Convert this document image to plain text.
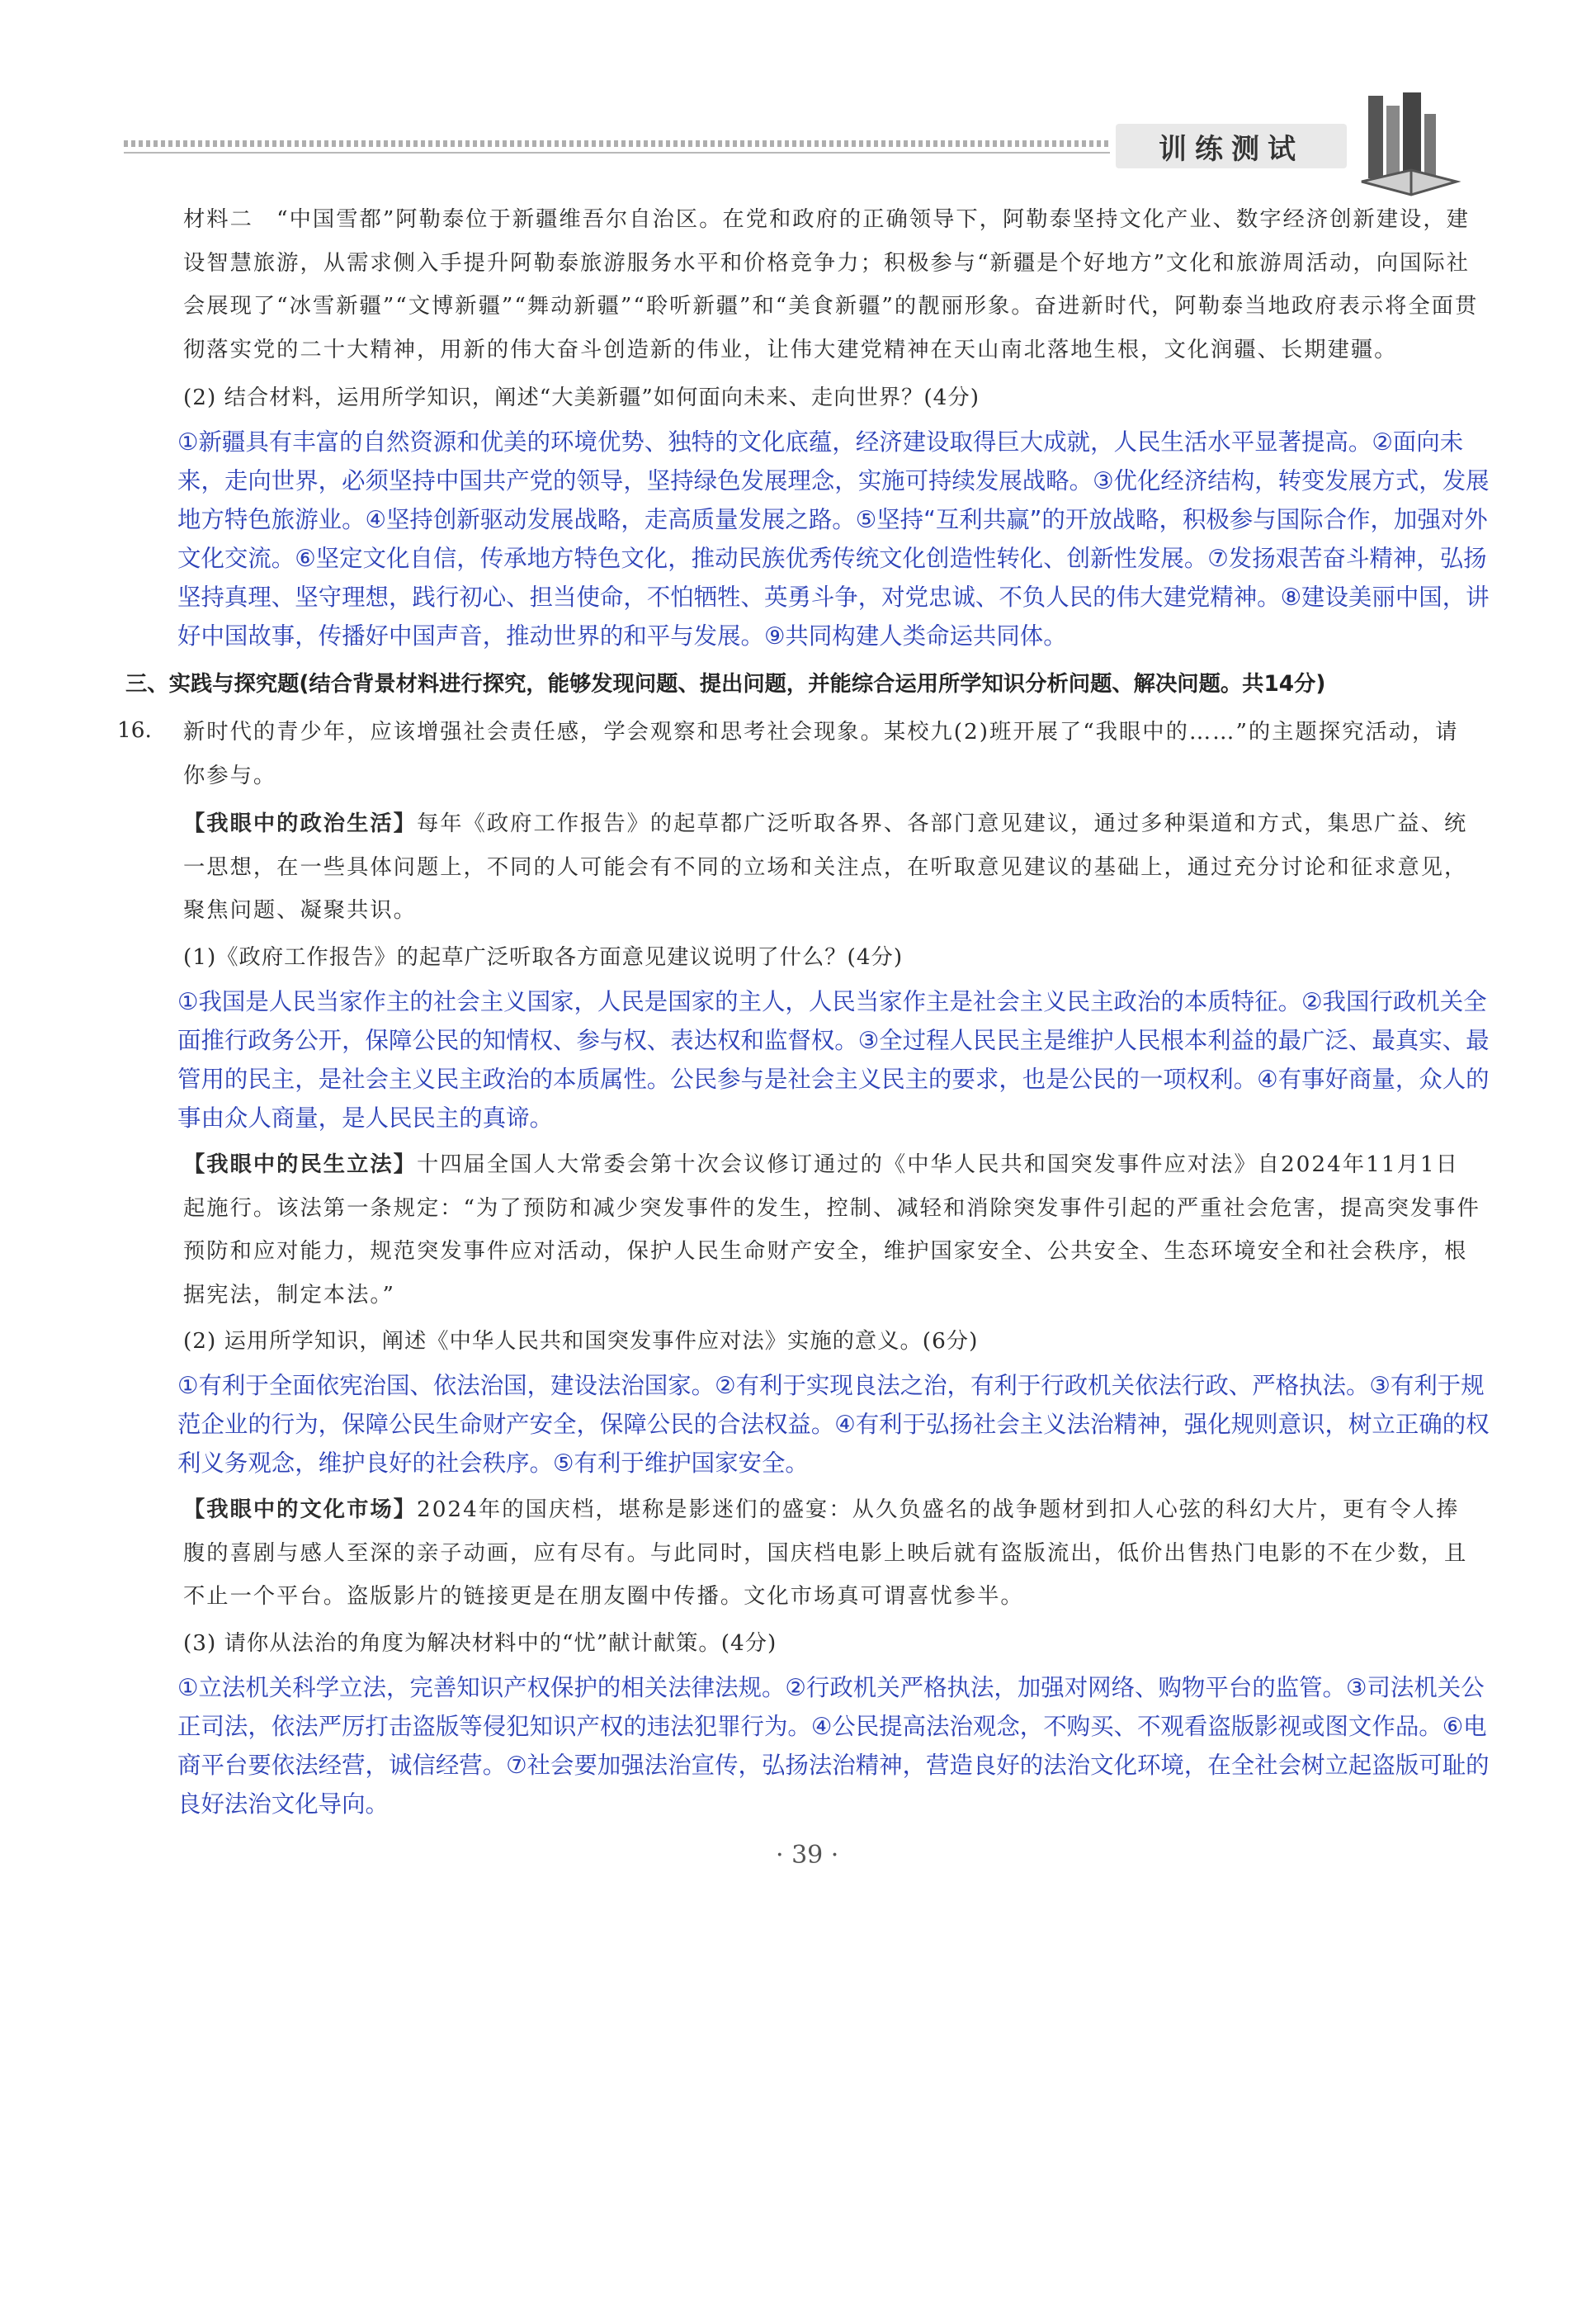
训练测试

材料二　“中国雪都”阿勒泰位于新疆维吾尔自治区。在党和政府的正确领导下，阿勒泰坚持文化产业、数字经济创新建设，建设智慧旅游，从需求侧入手提升阿勒泰旅游服务水平和价格竞争力；积极参与“新疆是个好地方”文化和旅游周活动，向国际社会展现了“冰雪新疆”“文博新疆”“舞动新疆”“聆听新疆”和“美食新疆”的靓丽形象。奋进新时代，阿勒泰当地政府表示将全面贯彻落实党的二十大精神，用新的伟大奋斗创造新的伟业，让伟大建党精神在天山南北落地生根，文化润疆、长期建疆。

(2) 结合材料，运用所学知识，阐述“大美新疆”如何面向未来、走向世界？(4分)

①新疆具有丰富的自然资源和优美的环境优势、独特的文化底蕴，经济建设取得巨大成就，人民生活水平显著提高。②面向未来，走向世界，必须坚持中国共产党的领导，坚持绿色发展理念，实施可持续发展战略。③优化经济结构，转变发展方式，发展地方特色旅游业。④坚持创新驱动发展战略，走高质量发展之路。⑤坚持“互利共赢”的开放战略，积极参与国际合作，加强对外文化交流。⑥坚定文化自信，传承地方特色文化，推动民族优秀传统文化创造性转化、创新性发展。⑦发扬艰苦奋斗精神，弘扬坚持真理、坚守理想，践行初心、担当使命，不怕牺牲、英勇斗争，对党忠诚、不负人民的伟大建党精神。⑧建设美丽中国，讲好中国故事，传播好中国声音，推动世界的和平与发展。⑨共同构建人类命运共同体。

三、实践与探究题(结合背景材料进行探究，能够发现问题、提出问题，并能综合运用所学知识分析问题、解决问题。共14分)

16. 新时代的青少年，应该增强社会责任感，学会观察和思考社会现象。某校九(2)班开展了“我眼中的……”的主题探究活动，请你参与。

【我眼中的政治生活】每年《政府工作报告》的起草都广泛听取各界、各部门意见建议，通过多种渠道和方式，集思广益、统一思想，在一些具体问题上，不同的人可能会有不同的立场和关注点，在听取意见建议的基础上，通过充分讨论和征求意见，聚焦问题、凝聚共识。

(1)《政府工作报告》的起草广泛听取各方面意见建议说明了什么？(4分)

①我国是人民当家作主的社会主义国家，人民是国家的主人，人民当家作主是社会主义民主政治的本质特征。②我国行政机关全面推行政务公开，保障公民的知情权、参与权、表达权和监督权。③全过程人民民主是维护人民根本利益的最广泛、最真实、最管用的民主，是社会主义民主政治的本质属性。公民参与是社会主义民主的要求，也是公民的一项权利。④有事好商量，众人的事由众人商量，是人民民主的真谛。

【我眼中的民生立法】十四届全国人大常委会第十次会议修订通过的《中华人民共和国突发事件应对法》自2024年11月1日起施行。该法第一条规定：“为了预防和减少突发事件的发生，控制、减轻和消除突发事件引起的严重社会危害，提高突发事件预防和应对能力，规范突发事件应对活动，保护人民生命财产安全，维护国家安全、公共安全、生态环境安全和社会秩序，根据宪法，制定本法。”

(2) 运用所学知识，阐述《中华人民共和国突发事件应对法》实施的意义。(6分)

①有利于全面依宪治国、依法治国，建设法治国家。②有利于实现良法之治，有利于行政机关依法行政、严格执法。③有利于规范企业的行为，保障公民生命财产安全，保障公民的合法权益。④有利于弘扬社会主义法治精神，强化规则意识，树立正确的权利义务观念，维护良好的社会秩序。⑤有利于维护国家安全。

【我眼中的文化市场】2024年的国庆档，堪称是影迷们的盛宴：从久负盛名的战争题材到扣人心弦的科幻大片，更有令人捧腹的喜剧与感人至深的亲子动画，应有尽有。与此同时，国庆档电影上映后就有盗版流出，低价出售热门电影的不在少数，且不止一个平台。盗版影片的链接更是在朋友圈中传播。文化市场真可谓喜忧参半。

(3) 请你从法治的角度为解决材料中的“忧”献计献策。(4分)

①立法机关科学立法，完善知识产权保护的相关法律法规。②行政机关严格执法，加强对网络、购物平台的监管。③司法机关公正司法，依法严厉打击盗版等侵犯知识产权的违法犯罪行为。④公民提高法治观念，不购买、不观看盗版影视或图文作品。⑥电商平台要依法经营，诚信经营。⑦社会要加强法治宣传，弘扬法治精神，营造良好的法治文化环境，在全社会树立起盗版可耻的良好法治文化导向。

· 39 ·
